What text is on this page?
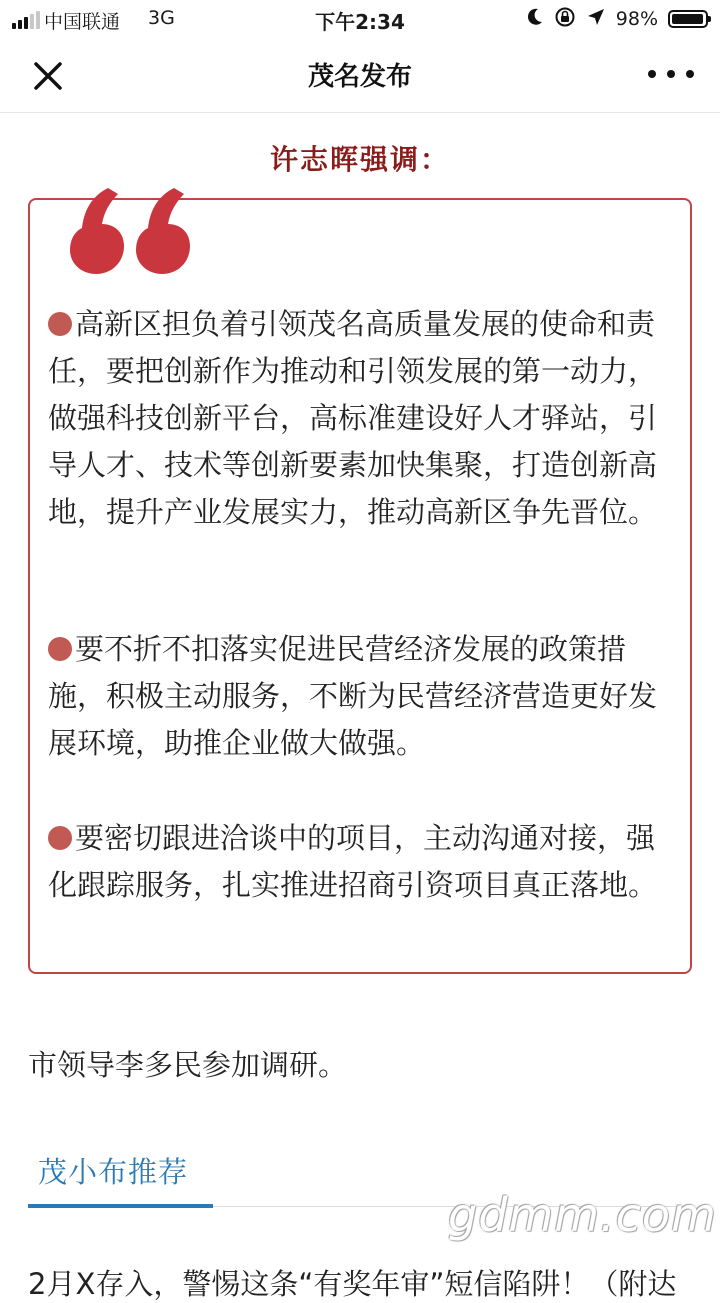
中国联通 3G	下午2:34	98%
茂名发布
许志晖强调：
高新区担负着引领茂名高质量发展的使命和责任，要把创新作为推动和引领发展的第一动力，做强科技创新平台，高标准建设好人才驿站，引导人才、技术等创新要素加快集聚，打造创新高地，提升产业发展实力，推动高新区争先晋位。
要不折不扣落实促进民营经济发展的政策措施，积极主动服务，不断为民营经济营造更好发展环境，助推企业做大做强。
要密切跟进洽谈中的项目，主动沟通对接，强化跟踪服务，扎实推进招商引资项目真正落地。
市领导李多民参加调研。
茂小布推荐
gdmm.com
2月X存入，警惕这条“有奖年审”短信陷阱！（附达
